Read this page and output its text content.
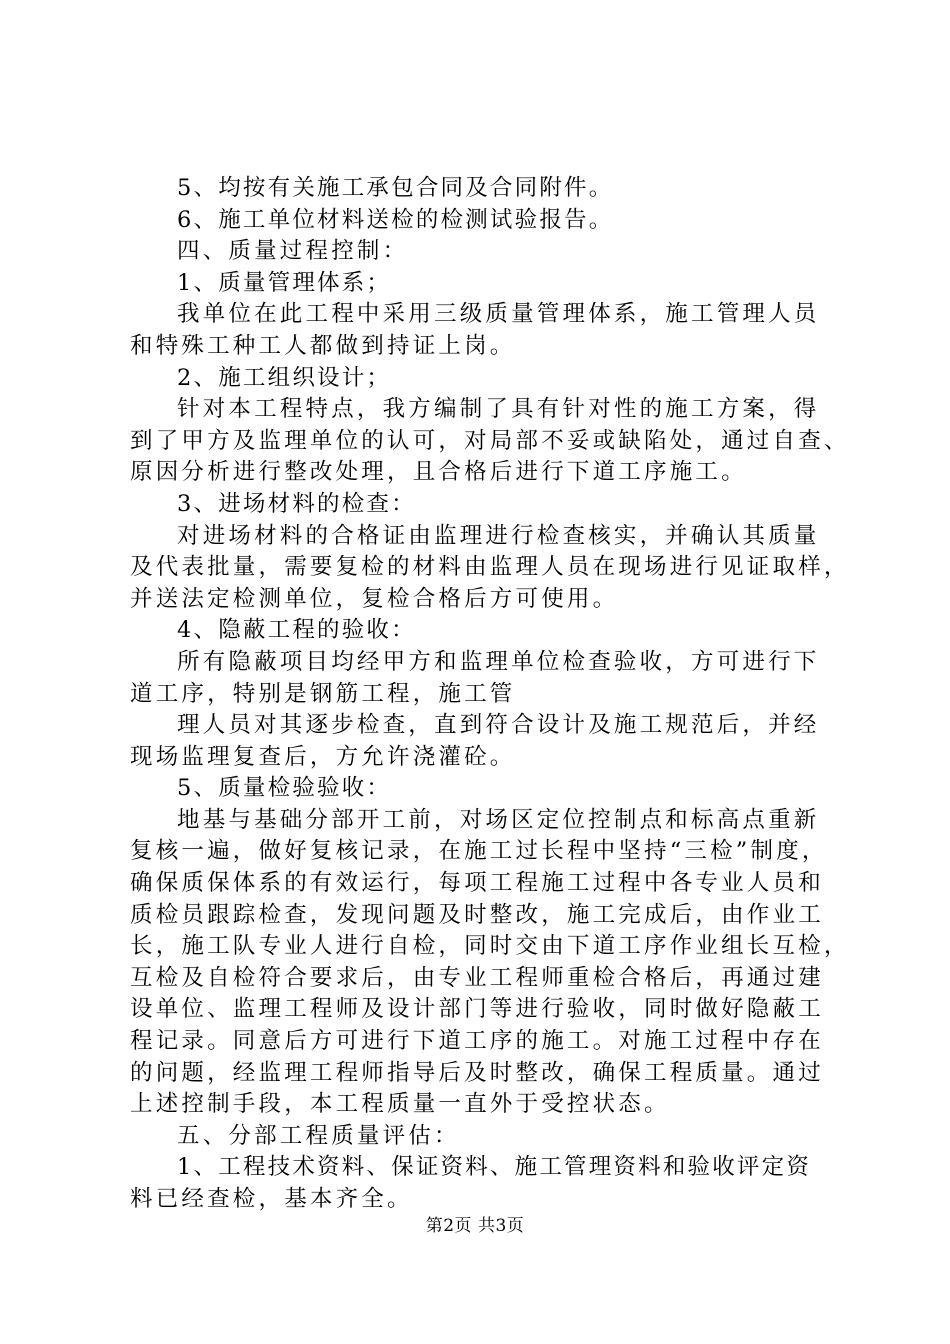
5、均按有关施工承包合同及合同附件。
6、施工单位材料送检的检测试验报告。
四、质量过程控制：
1、质量管理体系；
我单位在此工程中采用三级质量管理体系，施工管理人员
和特殊工种工人都做到持证上岗。
2、施工组织设计；
针对本工程特点，我方编制了具有针对性的施工方案，得
到了甲方及监理单位的认可，对局部不妥或缺陷处，通过自查、
原因分析进行整改处理，且合格后进行下道工序施工。
3、进场材料的检查：
对进场材料的合格证由监理进行检查核实，并确认其质量
及代表批量，需要复检的材料由监理人员在现场进行见证取样，
并送法定检测单位，复检合格后方可使用。
4、隐蔽工程的验收：
所有隐蔽项目均经甲方和监理单位检查验收，方可进行下
道工序，特别是钢筋工程，施工管
理人员对其逐步检查，直到符合设计及施工规范后，并经
现场监理复查后，方允许浇灌砼。
5、质量检验验收：
地基与基础分部开工前，对场区定位控制点和标高点重新
复核一遍，做好复核记录，在施工过长程中坚持“三检”制度，
确保质保体系的有效运行，每项工程施工过程中各专业人员和
质检员跟踪检查，发现问题及时整改，施工完成后，由作业工
长，施工队专业人进行自检，同时交由下道工序作业组长互检，
互检及自检符合要求后，由专业工程师重检合格后，再通过建
设单位、监理工程师及设计部门等进行验收，同时做好隐蔽工
程记录。同意后方可进行下道工序的施工。对施工过程中存在
的问题，经监理工程师指导后及时整改，确保工程质量。通过
上述控制手段，本工程质量一直外于受控状态。
五、分部工程质量评估：
1、工程技术资料、保证资料、施工管理资料和验收评定资
料已经查检，基本齐全。
第2页 共3页
